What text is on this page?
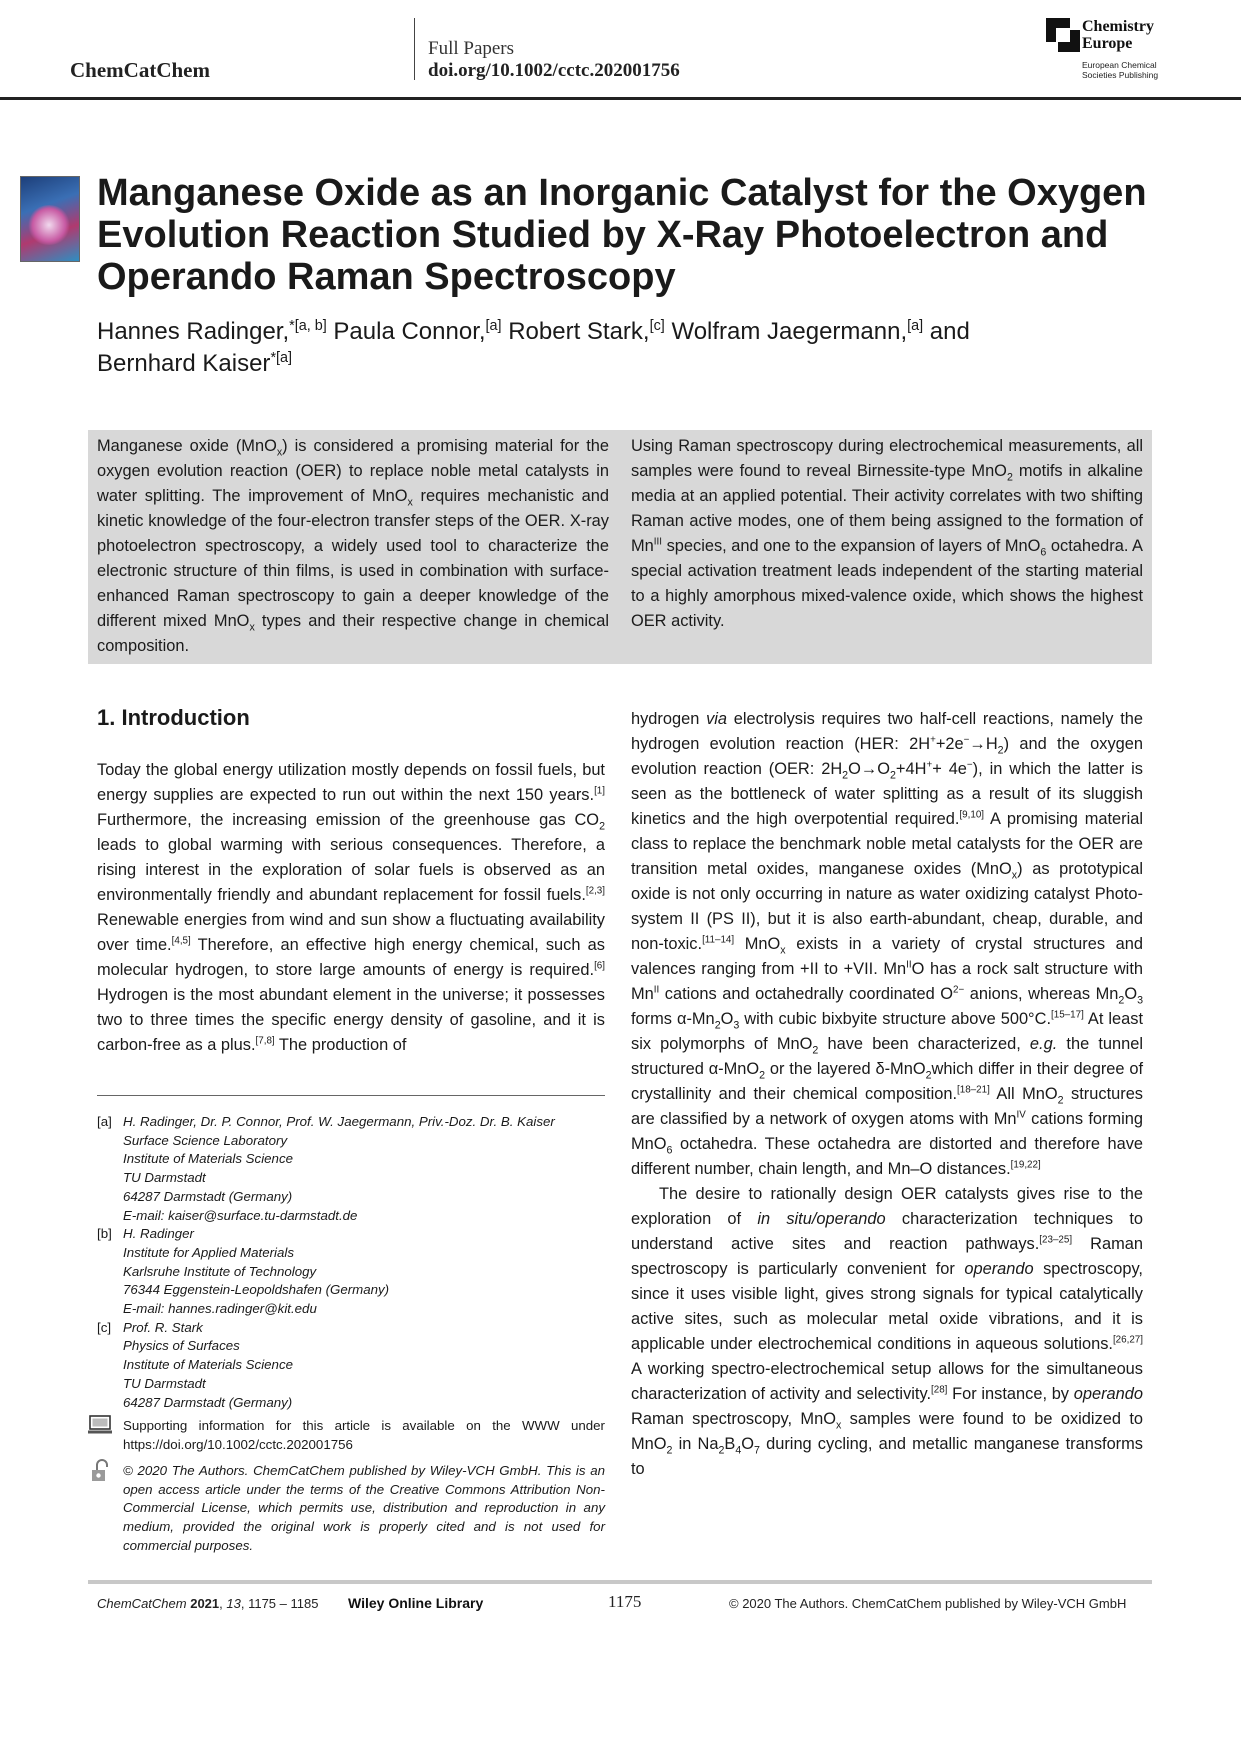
ChemCatChem
Full Papers
doi.org/10.1002/cctc.202001756
Chemistry
Europe
European Chemical
Societies Publishing
Manganese Oxide as an Inorganic Catalyst for the Oxygen Evolution Reaction Studied by X-Ray Photoelectron and Operando Raman Spectroscopy
Hannes Radinger,$^{*[a, b]}$ Paula Connor,[a] Robert Stark,[c] Wolfram Jaegermann,[a] and
Bernhard Kaiser$^{*[a]}$
Manganese oxide (MnO$_x$) is considered a promising material for the oxygen evolution reaction (OER) to replace noble metal catalysts in water splitting. The improvement of MnO$_x$ requires mechanistic and kinetic knowledge of the four-electron transfer steps of the OER. X-ray photoelectron spectroscopy, a widely used tool to characterize the electronic structure of thin films, is used in combination with surface-enhanced Raman spectroscopy to gain a deeper knowledge of the different mixed MnO$_x$ types and their respective change in chemical composition.
Using Raman spectroscopy during electrochemical measurements, all samples were found to reveal Birnessite-type MnO$_2$ motifs in alkaline media at an applied potential. Their activity correlates with two shifting Raman active modes, one of them being assigned to the formation of $Mn^{III}$ species, and one to the expansion of layers of MnO$_6$ octahedra. A special activation treatment leads independent of the starting material to a highly amorphous mixed-valence oxide, which shows the highest OER activity.
1. Introduction
Today the global energy utilization mostly depends on fossil fuels, but energy supplies are expected to run out within the next 150 years.[1] Furthermore, the increasing emission of the greenhouse gas $CO_2$ leads to global warming with serious consequences. Therefore, a rising interest in the exploration of solar fuels is observed as an environmentally friendly and abundant replacement for fossil fuels.[2,3] Renewable energies from wind and sun show a fluctuating availability over time.[4,5] Therefore, an effective high energy chemical, such as molecular hydrogen, to store large amounts of energy is required.[6] Hydrogen is the most abundant element in the universe; it possesses two to three times the specific energy density of gasoline, and it is carbon-free as a plus.[7,8] The production of
[a] H. Radinger, Dr. P. Connor, Prof. W. Jaegermann, Priv.-Doz. Dr. B. Kaiser
Surface Science Laboratory
Institute of Materials Science
TU Darmstadt
64287 Darmstadt (Germany)
E-mail: kaiser@surface.tu-darmstadt.de
[b] H. Radinger
Institute for Applied Materials
Karlsruhe Institute of Technology
76344 Eggenstein-Leopoldshafen (Germany)
E-mail: hannes.radinger@kit.edu
[c] Prof. R. Stark
Physics of Surfaces
Institute of Materials Science
TU Darmstadt
64287 Darmstadt (Germany)
Supporting information for this article is available on the WWW under https://doi.org/10.1002/cctc.202001756
© 2020 The Authors. ChemCatChem published by Wiley-VCH GmbH. This is an open access article under the terms of the Creative Commons Attribution Non-Commercial License, which permits use, distribution and reproduction in any medium, provided the original work is properly cited and is not used for commercial purposes.
hydrogen via electrolysis requires two half-cell reactions, namely the hydrogen evolution reaction (HER: $2H^++2e^-\to H_2$) and the oxygen evolution reaction (OER: $2H_2O\to O_2+4H^++ 4e^-$), in which the latter is seen as the bottleneck of water splitting as a result of its sluggish kinetics and the high overpotential required.[9,10] A promising material class to replace the benchmark noble metal catalysts for the OER are transition metal oxides, manganese oxides (MnO$_x$) as prototypical oxide is not only occurring in nature as water oxidizing catalyst Photosystem II (PS II), but it is also earth-abundant, cheap, durable, and non-toxic.[11–14] MnO$_x$ exists in a variety of crystal structures and valences ranging from +II to +VII. $Mn^{II}O$ has a rock salt structure with $Mn^{II}$ cations and octahedrally coordinated $O^{2-}$ anions, whereas $Mn_2O_3$ forms $\alpha-Mn_2O_3$ with cubic bixbyite structure above 500°C.[15–17] At least six polymorphs of MnO$_2$ have been characterized, e.g. the tunnel structured α-MnO$_2$ or the layered δ-MnO$_2$which differ in their degree of crystallinity and their chemical composition.[18–21] All MnO$_2$ structures are classified by a network of oxygen atoms with $Mn^{IV}$ cations forming MnO$_6$ octahedra. These octahedra are distorted and therefore have different number, chain length, and Mn–O distances.[19,22]
The desire to rationally design OER catalysts gives rise to the exploration of in situ/operando characterization techniques to understand active sites and reaction pathways.[23–25] Raman spectroscopy is particularly convenient for operando spectroscopy, since it uses visible light, gives strong signals for typical catalytically active sites, such as molecular metal oxide vibrations, and it is applicable under electrochemical conditions in aqueous solutions.[26,27] A working spectro-electrochemical setup allows for the simultaneous characterization of activity and selectivity.[28] For instance, by operando Raman spectroscopy, MnO$_x$ samples were found to be oxidized to MnO$_2$ in $Na_2B_4O_7$ during cycling, and metallic manganese transforms to
ChemCatChem 2021, 13, 1175 – 1185 Wiley Online Library	1175	© 2020 The Authors. ChemCatChem published by Wiley-VCH GmbH
